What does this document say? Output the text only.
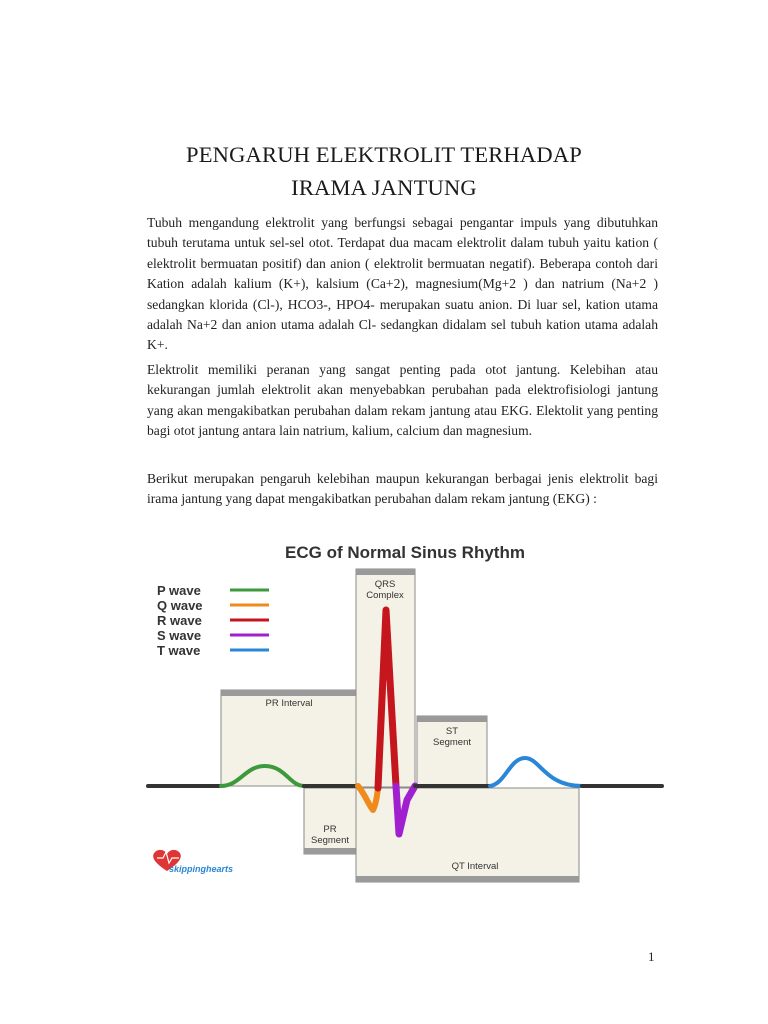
PENGARUH ELEKTROLIT TERHADAP
IRAMA JANTUNG

Tubuh mengandung elektrolit yang berfungsi sebagai pengantar impuls yang dibutuhkan tubuh terutama untuk sel-sel otot. Terdapat dua macam elektrolit dalam tubuh yaitu kation ( elektrolit bermuatan positif) dan anion ( elektrolit bermuatan negatif). Beberapa contoh dari Kation adalah kalium (K+), kalsium (Ca+2), magnesium(Mg+2 ) dan natrium (Na+2 ) sedangkan klorida (Cl-), HCO3-, HPO4- merupakan suatu anion. Di luar sel, kation utama adalah Na+2 dan anion utama adalah Cl- sedangkan didalam sel tubuh kation utama adalah K+.

Elektrolit memiliki peranan yang sangat penting pada otot jantung. Kelebihan atau kekurangan jumlah elektrolit akan menyebabkan perubahan pada elektrofisiologi jantung yang akan mengakibatkan perubahan dalam rekam jantung atau EKG. Elektolit yang penting bagi otot jantung antara lain natrium, kalium, calcium dan magnesium.

Berikut merupakan pengaruh kelebihan maupun kekurangan berbagai jenis elektrolit bagi irama jantung yang dapat mengakibatkan perubahan dalam rekam jantung (EKG) :

ECG of Normal Sinus Rhythm
P wave
Q wave
R wave
S wave
T wave
QRS
Complex
PR Interval
ST
Segment
PR
Segment
QT Interval
skippinghearts
1
